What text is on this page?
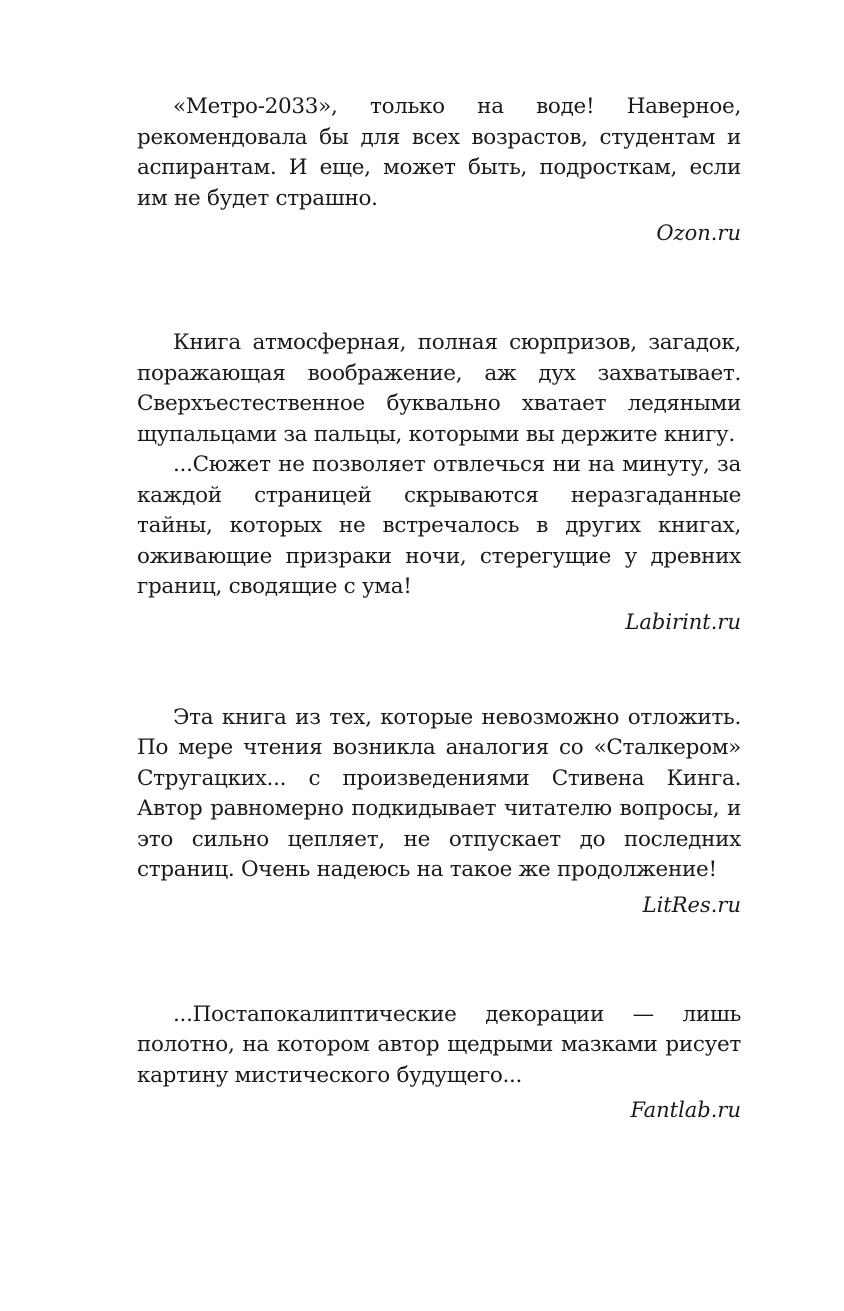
«Метро-2033», только на воде! Наверное, рекомендовала бы для всех возрастов, студентам и аспирантам. И еще, может быть, подросткам, если им не будет страшно.

Ozon.ru

Книга атмосферная, полная сюрпризов, загадок, поражающая воображение, аж дух захватывает. Сверхъестественное буквально хватает ледяными щупальцами за пальцы, которыми вы держите книгу.

...Сюжет не позволяет отвлечься ни на минуту, за каждой страницей скрываются неразгаданные тайны, которых не встречалось в других книгах, оживающие призраки ночи, стерегущие у древних границ, сводящие с ума!

Labirint.ru

Эта книга из тех, которые невозможно отложить. По мере чтения возникла аналогия со «Сталкером» Стругацких... с произведениями Стивена Кинга. Автор равномерно подкидывает читателю вопросы, и это сильно цепляет, не отпускает до последних страниц. Очень надеюсь на такое же продолжение!

LitRes.ru

...Постапокалиптические декорации — лишь полотно, на котором автор щедрыми мазками рисует картину мистического будущего...

Fantlab.ru
